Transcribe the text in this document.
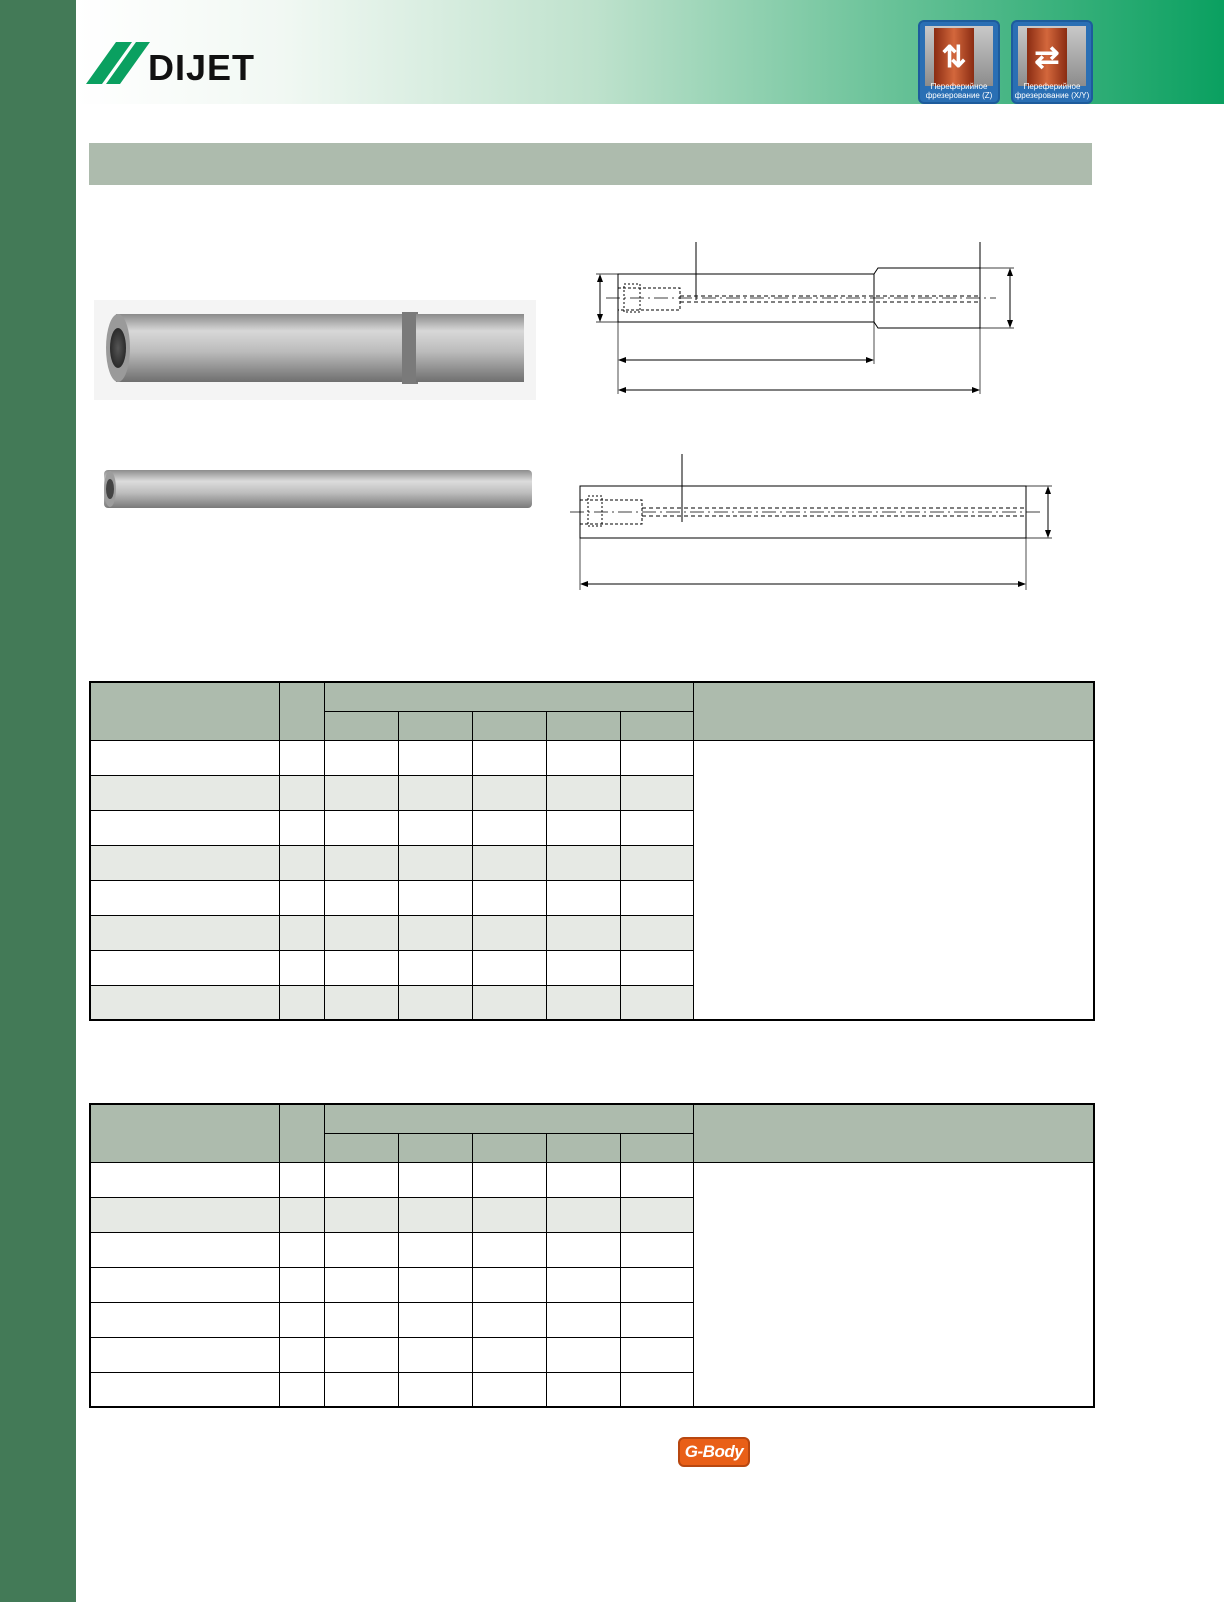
DIJET	⇅
Переферийное
фрезерование (Z)
⇄
Переферийное
фрезерование (X/Y)

G-Body
